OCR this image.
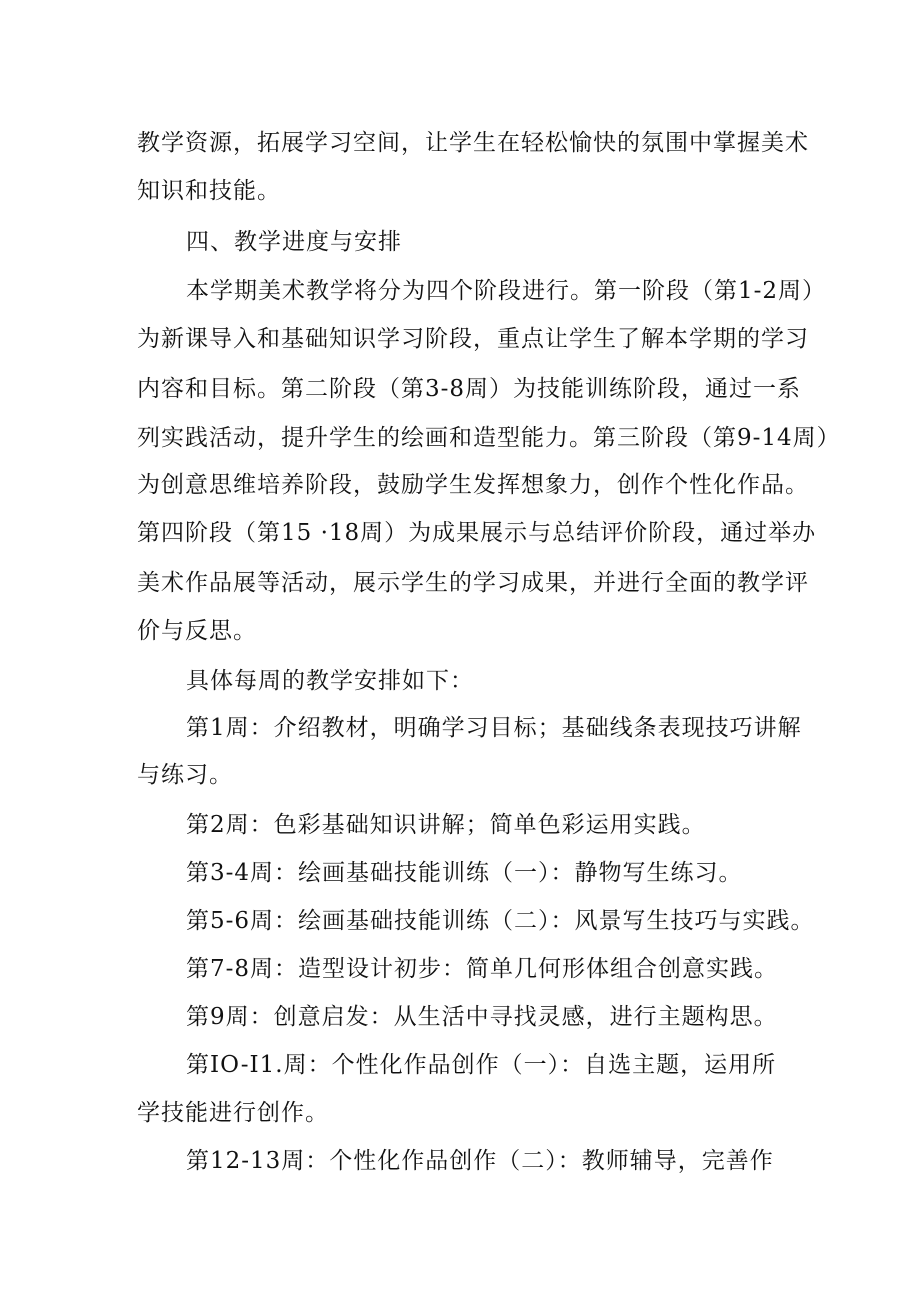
教学资源，拓展学习空间，让学生在轻松愉快的氛围中掌握美术
知识和技能。
四、教学进度与安排
本学期美术教学将分为四个阶段进行。第一阶段（第1-2周）
为新课导入和基础知识学习阶段，重点让学生了解本学期的学习
内容和目标。第二阶段（第3-8周）为技能训练阶段，通过一系
列实践活动，提升学生的绘画和造型能力。第三阶段（第9-14周）
为创意思维培养阶段，鼓励学生发挥想象力，创作个性化作品。
第四阶段（第15 ·18周）为成果展示与总结评价阶段，通过举办
美术作品展等活动，展示学生的学习成果，并进行全面的教学评
价与反思。
具体每周的教学安排如下：
第1周：介绍教材，明确学习目标；基础线条表现技巧讲解
与练习。
第2周：色彩基础知识讲解；简单色彩运用实践。
第3-4周：绘画基础技能训练（一）：静物写生练习。
第5-6周：绘画基础技能训练（二）：风景写生技巧与实践。
第7-8周：造型设计初步：简单几何形体组合创意实践。
第9周：创意启发：从生活中寻找灵感，进行主题构思。
第IO-I1.周：个性化作品创作（一）：自选主题，运用所
学技能进行创作。
第12-13周：个性化作品创作（二）：教师辅导，完善作
